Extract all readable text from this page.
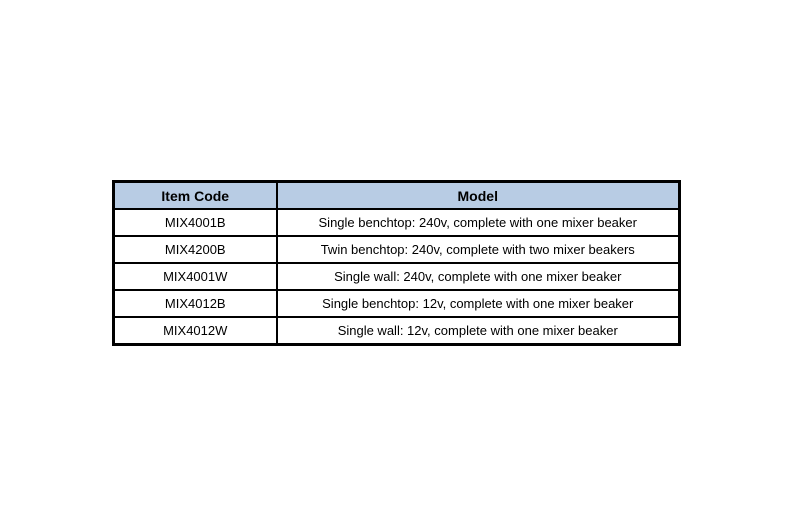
Item Code	Model
MIX4001B	Single benchtop: 240v, complete with one mixer beaker
MIX4200B	Twin benchtop: 240v, complete with two mixer beakers
MIX4001W	Single wall: 240v, complete with one mixer beaker
MIX4012B	Single benchtop: 12v, complete with one mixer beaker
MIX4012W	Single wall: 12v, complete with one mixer beaker
